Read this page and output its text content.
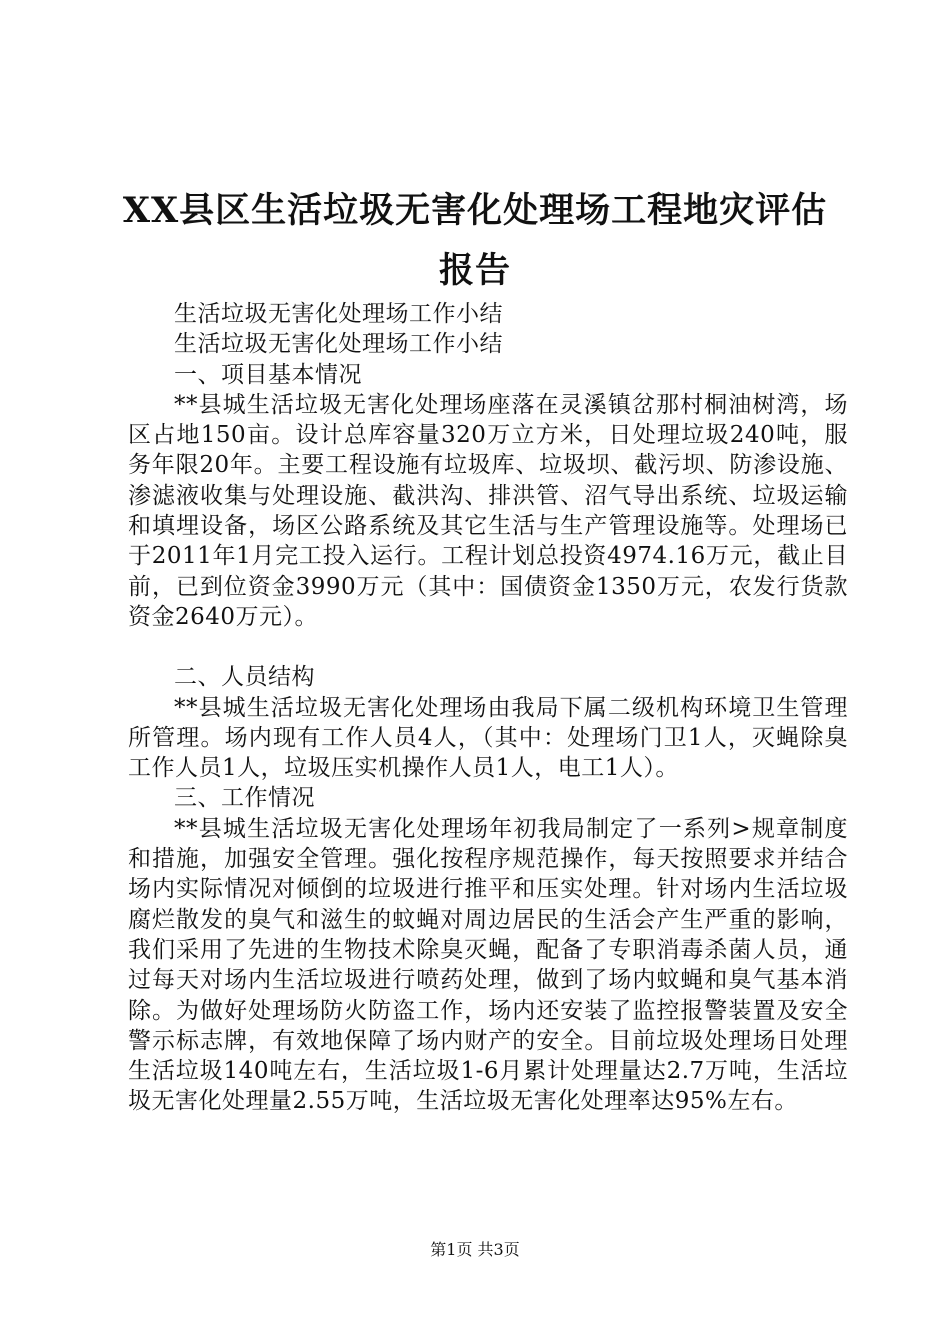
XX县区生活垃圾无害化处理场工程地灾评估
报告

生活垃圾无害化处理场工作小结

生活垃圾无害化处理场工作小结

一、项目基本情况

**县城生活垃圾无害化处理场座落在灵溪镇岔那村桐油树湾，场区占地150亩。设计总库容量320万立方米，日处理垃圾240吨，服务年限20年。主要工程设施有垃圾库、垃圾坝、截污坝、防渗设施、渗滤液收集与处理设施、截洪沟、排洪管、沼气导出系统、垃圾运输和填埋设备，场区公路系统及其它生活与生产管理设施等。处理场已于2011年1月完工投入运行。工程计划总投资4974.16万元，截止目前，已到位资金3990万元（其中：国债资金1350万元，农发行货款资金2640万元）。

二、人员结构

**县城生活垃圾无害化处理场由我局下属二级机构环境卫生管理所管理。场内现有工作人员4人，（其中：处理场门卫1人，灭蝇除臭工作人员1人，垃圾压实机操作人员1人，电工1人）。

三、工作情况

**县城生活垃圾无害化处理场年初我局制定了一系列>规章制度和措施，加强安全管理。强化按程序规范操作，每天按照要求并结合场内实际情况对倾倒的垃圾进行推平和压实处理。针对场内生活垃圾腐烂散发的臭气和滋生的蚊蝇对周边居民的生活会产生严重的影响，我们采用了先进的生物技术除臭灭蝇，配备了专职消毒杀菌人员，通过每天对场内生活垃圾进行喷药处理，做到了场内蚊蝇和臭气基本消除。为做好处理场防火防盗工作，场内还安装了监控报警装置及安全警示标志牌，有效地保障了场内财产的安全。目前垃圾处理场日处理生活垃圾140吨左右，生活垃圾1-6月累计处理量达2.7万吨，生活垃圾无害化处理量2.55万吨，生活垃圾无害化处理率达95%左右。

第1页 共3页
